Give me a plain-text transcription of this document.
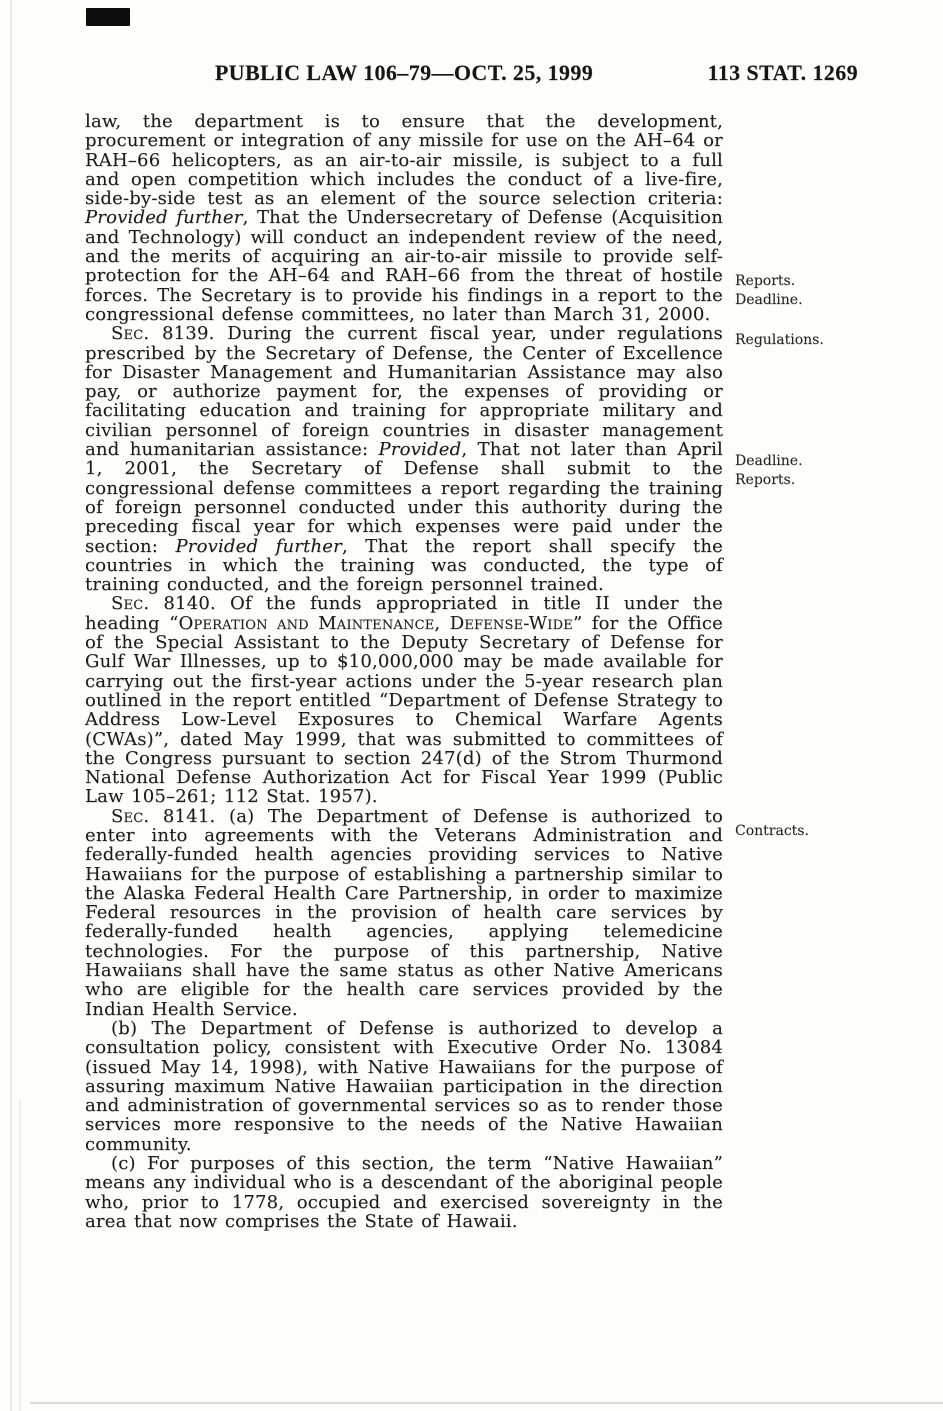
PUBLIC LAW 106–79—OCT. 25, 1999	113 STAT. 1269

law, the department is to ensure that the development, procurement or integration of any missile for use on the AH–64 or RAH–66 helicopters, as an air-to-air missile, is subject to a full and open competition which includes the conduct of a live-fire, side-by-side test as an element of the source selection criteria: Provided further, That the Undersecretary of Defense (Acquisition and Technology) will conduct an independent review of the need, and the merits of acquiring an air-to-air missile to provide self-protection for the AH–64 and RAH–66 from the threat of hostile forces. The Secretary is to provide his findings in a report to the congressional defense committees, no later than March 31, 2000.

Sec. 8139. During the current fiscal year, under regulations prescribed by the Secretary of Defense, the Center of Excellence for Disaster Management and Humanitarian Assistance may also pay, or authorize payment for, the expenses of providing or facilitating education and training for appropriate military and civilian personnel of foreign countries in disaster management and humanitarian assistance: Provided, That not later than April 1, 2001, the Secretary of Defense shall submit to the congressional defense committees a report regarding the training of foreign personnel conducted under this authority during the preceding fiscal year for which expenses were paid under the section: Provided further, That the report shall specify the countries in which the training was conducted, the type of training conducted, and the foreign personnel trained.

Sec. 8140. Of the funds appropriated in title II under the heading “Operation and Maintenance, Defense-Wide” for the Office of the Special Assistant to the Deputy Secretary of Defense for Gulf War Illnesses, up to $10,000,000 may be made available for carrying out the first-year actions under the 5-year research plan outlined in the report entitled “Department of Defense Strategy to Address Low-Level Exposures to Chemical Warfare Agents (CWAs)”, dated May 1999, that was submitted to committees of the Congress pursuant to section 247(d) of the Strom Thurmond National Defense Authorization Act for Fiscal Year 1999 (Public Law 105–261; 112 Stat. 1957).

Sec. 8141. (a) The Department of Defense is authorized to enter into agreements with the Veterans Administration and federally-funded health agencies providing services to Native Hawaiians for the purpose of establishing a partnership similar to the Alaska Federal Health Care Partnership, in order to maximize Federal resources in the provision of health care services by federally-funded health agencies, applying telemedicine technologies. For the purpose of this partnership, Native Hawaiians shall have the same status as other Native Americans who are eligible for the health care services provided by the Indian Health Service.

(b) The Department of Defense is authorized to develop a consultation policy, consistent with Executive Order No. 13084 (issued May 14, 1998), with Native Hawaiians for the purpose of assuring maximum Native Hawaiian participation in the direction and administration of governmental services so as to render those services more responsive to the needs of the Native Hawaiian community.

(c) For purposes of this section, the term “Native Hawaiian” means any individual who is a descendant of the aboriginal people who, prior to 1778, occupied and exercised sovereignty in the area that now comprises the State of Hawaii.

Reports.
Deadline.
Regulations.
Deadline.
Reports.
Contracts.
